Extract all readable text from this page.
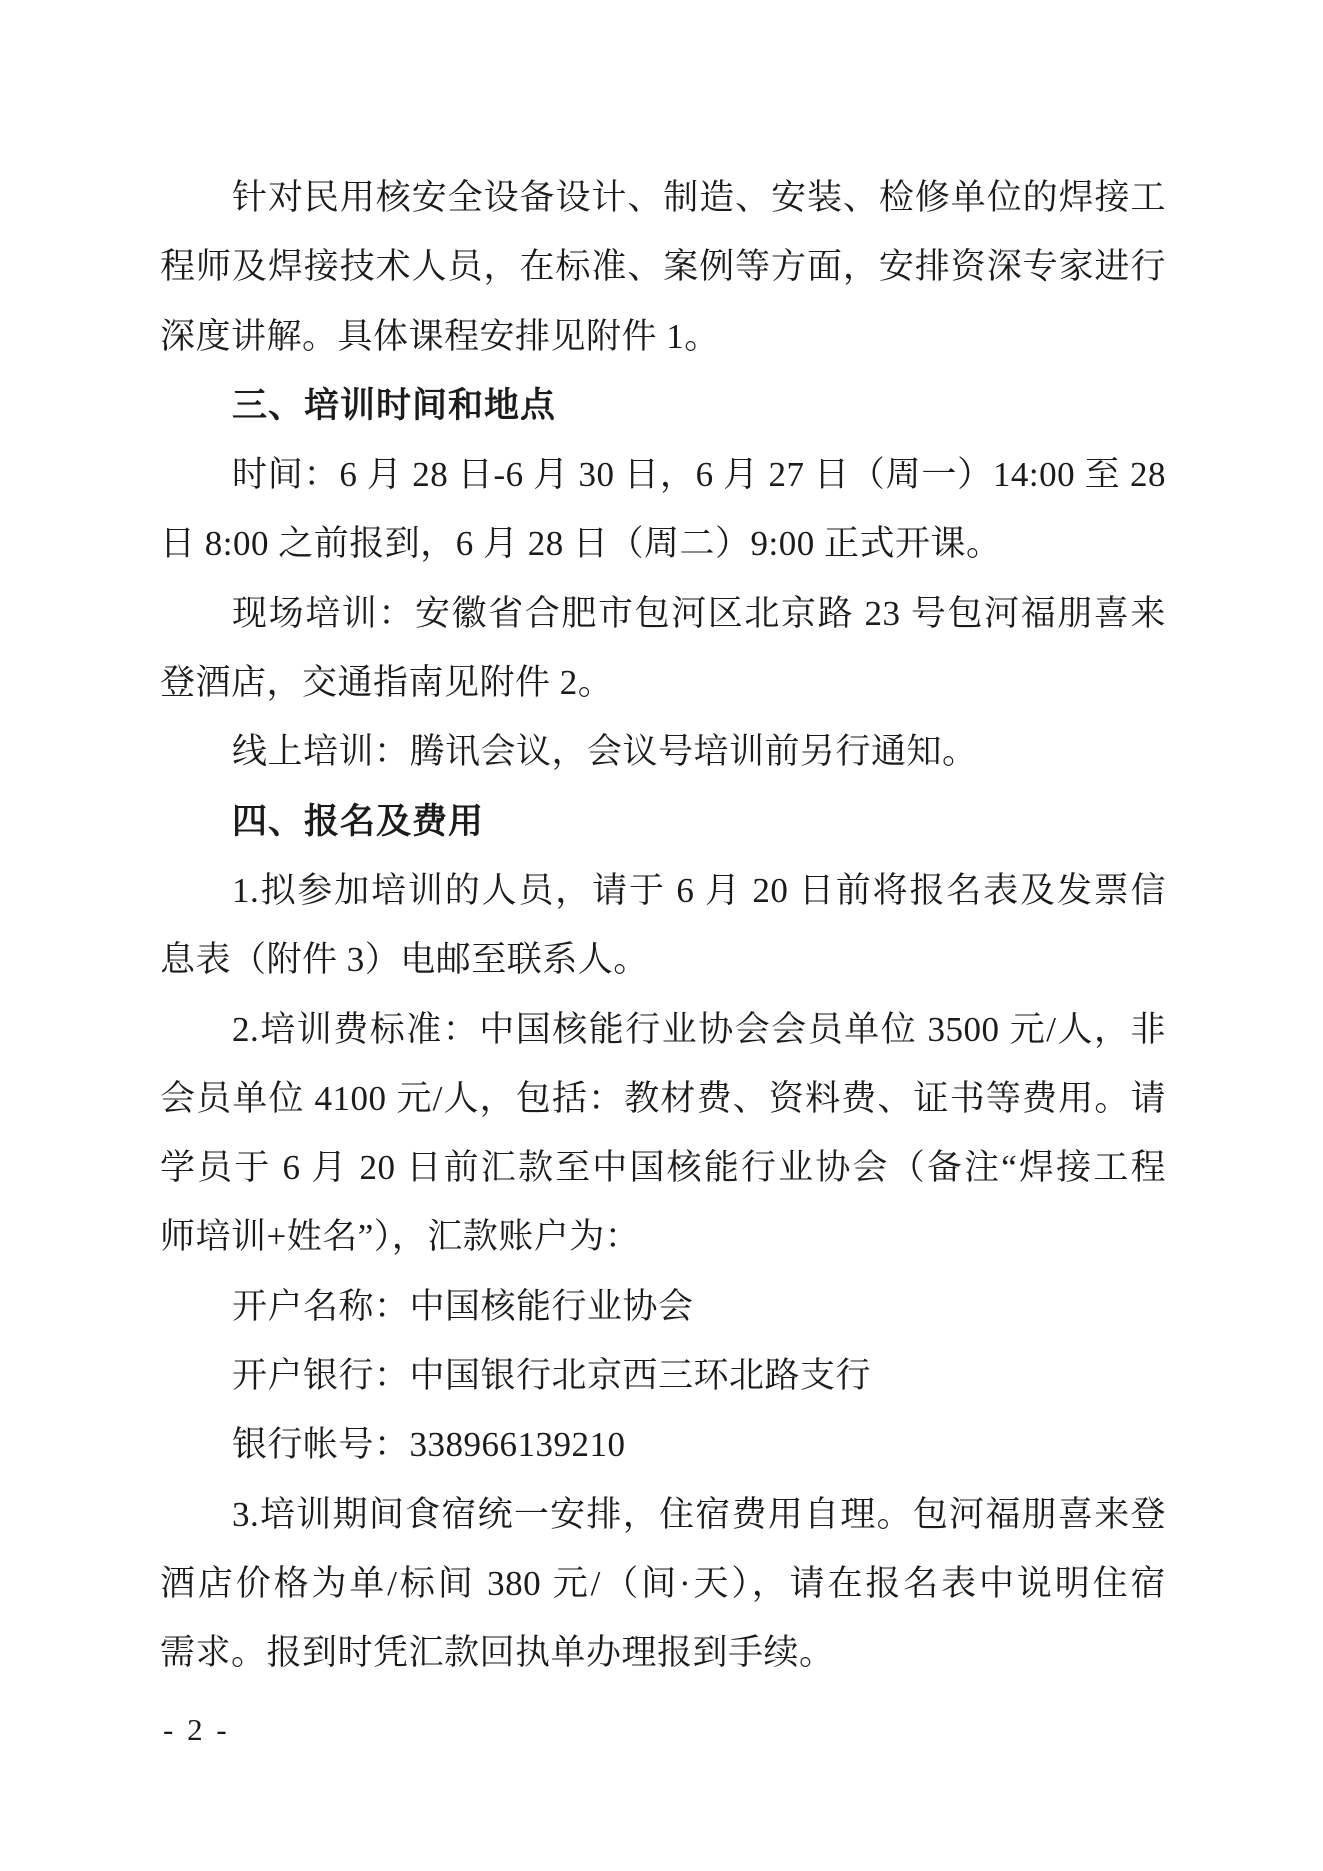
针对民用核安全设备设计、制造、安装、检修单位的焊接工
程师及焊接技术人员，在标准、案例等方面，安排资深专家进行
深度讲解。具体课程安排见附件 1。
三、培训时间和地点
时间：6 月 28 日-6 月 30 日，6 月 27 日（周一）14:00 至 28
日 8:00 之前报到，6 月 28 日（周二）9:00 正式开课。
现场培训：安徽省合肥市包河区北京路 23 号包河福朋喜来
登酒店，交通指南见附件 2。
线上培训：腾讯会议，会议号培训前另行通知。
四、报名及费用
1.拟参加培训的人员，请于 6 月 20 日前将报名表及发票信
息表（附件 3）电邮至联系人。
2.培训费标准：中国核能行业协会会员单位 3500 元/人，非
会员单位 4100 元/人，包括：教材费、资料费、证书等费用。请
学员于 6 月 20 日前汇款至中国核能行业协会（备注“焊接工程
师培训+姓名”），汇款账户为：
开户名称：中国核能行业协会
开户银行：中国银行北京西三环北路支行
银行帐号：338966139210
3.培训期间食宿统一安排，住宿费用自理。包河福朋喜来登
酒店价格为单/标间 380 元/（间·天），请在报名表中说明住宿
需求。报到时凭汇款回执单办理报到手续。
- 2 -
